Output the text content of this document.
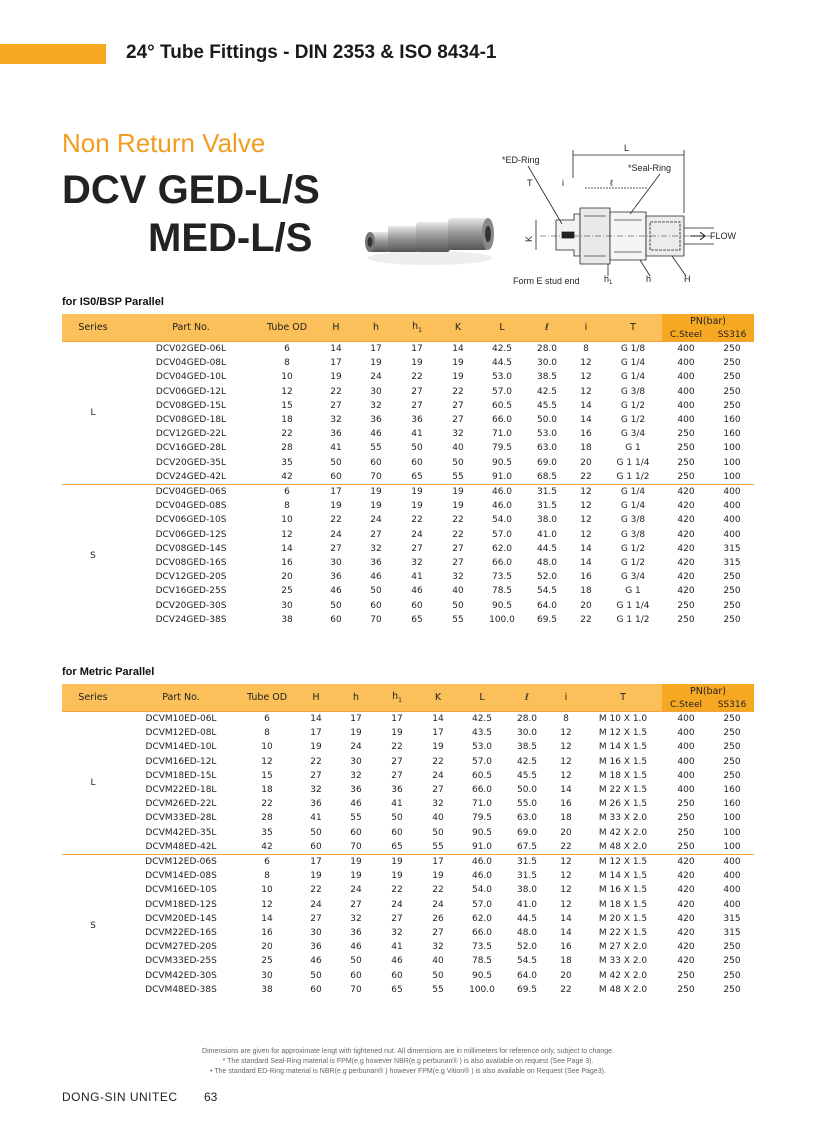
24° Tube Fittings - DIN 2353 & ISO 8434-1
Non Return Valve
DCV GED-L/S
MED-L/S
L
*ED-Ring
*Seal-Ring
T	i	ℓ
K	FLOW
Form E stud end	$h_1$	h	H
for IS0/BSP Parallel
Series	Part No.	Tube OD	H	h	$h_1$	K	L	ℓ	i	T	PN(bar)	
											C.Steel	SS316
L	DCV02GED-06L	6	14	17	17	14	42.5	28.0	8	G 1/8	400	250
	DCV04GED-08L	8	17	19	19	19	44.5	30.0	12	G 1/4	400	250
	DCV04GED-10L	10	19	24	22	19	53.0	38.5	12	G 1/4	400	250
	DCV06GED-12L	12	22	30	27	22	57.0	42.5	12	G 3/8	400	250
	DCV08GED-15L	15	27	32	27	27	60.5	45.5	14	G 1/2	400	250
	DCV08GED-18L	18	32	36	36	27	66.0	50.0	14	G 1/2	400	160
	DCV12GED-22L	22	36	46	41	32	71.0	53.0	16	G 3/4	250	160
	DCV16GED-28L	28	41	55	50	40	79.5	63.0	18	G 1	250	100
	DCV20GED-35L	35	50	60	60	50	90.5	69.0	20	G 1 1/4	250	100
	DCV24GED-42L	42	60	70	65	55	91.0	68.5	22	G 1 1/2	250	100
S	DCV04GED-06S	6	17	19	19	19	46.0	31.5	12	G 1/4	420	400
	DCV04GED-08S	8	19	19	19	19	46.0	31.5	12	G 1/4	420	400
	DCV06GED-10S	10	22	24	22	22	54.0	38.0	12	G 3/8	420	400
	DCV06GED-12S	12	24	27	24	22	57.0	41.0	12	G 3/8	420	400
	DCV08GED-14S	14	27	32	27	27	62.0	44.5	14	G 1/2	420	315
	DCV08GED-16S	16	30	36	32	27	66.0	48.0	14	G 1/2	420	315
	DCV12GED-20S	20	36	46	41	32	73.5	52.0	16	G 3/4	420	250
	DCV16GED-25S	25	46	50	46	40	78.5	54.5	18	G 1	420	250
	DCV20GED-30S	30	50	60	60	50	90.5	64.0	20	G 1 1/4	250	250
	DCV24GED-38S	38	60	70	65	55	100.0	69.5	22	G 1 1/2	250	250
for Metric Parallel
Series	Part No.	Tube OD	H	h	$h_1$	K	L	ℓ	i	T	PN(bar)	
											C.Steel	SS316
L	DCVM10ED-06L	6	14	17	17	14	42.5	28.0	8	M 10 X 1.0	400	250
	DCVM12ED-08L	8	17	19	19	17	43.5	30.0	12	M 12 X 1.5	400	250
	DCVM14ED-10L	10	19	24	22	19	53.0	38.5	12	M 14 X 1.5	400	250
	DCVM16ED-12L	12	22	30	27	22	57.0	42.5	12	M 16 X 1.5	400	250
	DCVM18ED-15L	15	27	32	27	24	60.5	45.5	12	M 18 X 1.5	400	250
	DCVM22ED-18L	18	32	36	36	27	66.0	50.0	14	M 22 X 1.5	400	160
	DCVM26ED-22L	22	36	46	41	32	71.0	55.0	16	M 26 X 1.5	250	160
	DCVM33ED-28L	28	41	55	50	40	79.5	63.0	18	M 33 X 2.0	250	100
	DCVM42ED-35L	35	50	60	60	50	90.5	69.0	20	M 42 X 2.0	250	100
	DCVM48ED-42L	42	60	70	65	55	91.0	67.5	22	M 48 X 2.0	250	100
S	DCVM12ED-06S	6	17	19	19	17	46.0	31.5	12	M 12 X 1.5	420	400
	DCVM14ED-08S	8	19	19	19	19	46.0	31.5	12	M 14 X 1.5	420	400
	DCVM16ED-10S	10	22	24	22	22	54.0	38.0	12	M 16 X 1.5	420	400
	DCVM18ED-12S	12	24	27	24	24	57.0	41.0	12	M 18 X 1.5	420	400
	DCVM20ED-14S	14	27	32	27	26	62.0	44.5	14	M 20 X 1.5	420	315
	DCVM22ED-16S	16	30	36	32	27	66.0	48.0	14	M 22 X 1.5	420	315
	DCVM27ED-20S	20	36	46	41	32	73.5	52.0	16	M 27 X 2.0	420	250
	DCVM33ED-25S	25	46	50	46	40	78.5	54.5	18	M 33 X 2.0	420	250
	DCVM42ED-30S	30	50	60	60	50	90.5	64.0	20	M 42 X 2.0	250	250
	DCVM48ED-38S	38	60	70	65	55	100.0	69.5	22	M 48 X 2.0	250	250
Dimensions are given for approximate lengt with tightened nut. All dimensions are in millimeters for reference only, subject to change.
* The standard Seal-Ring material is FPM(e.g however NBR(e.g perbunan® ) is also available on request (See Page 3).
• The standard ED-Ring material is NBR(e.g perbunan® ) however FPM(e.g Vition® ) is also available on Request (See Page3).
DONG-SIN UNITEC 63
